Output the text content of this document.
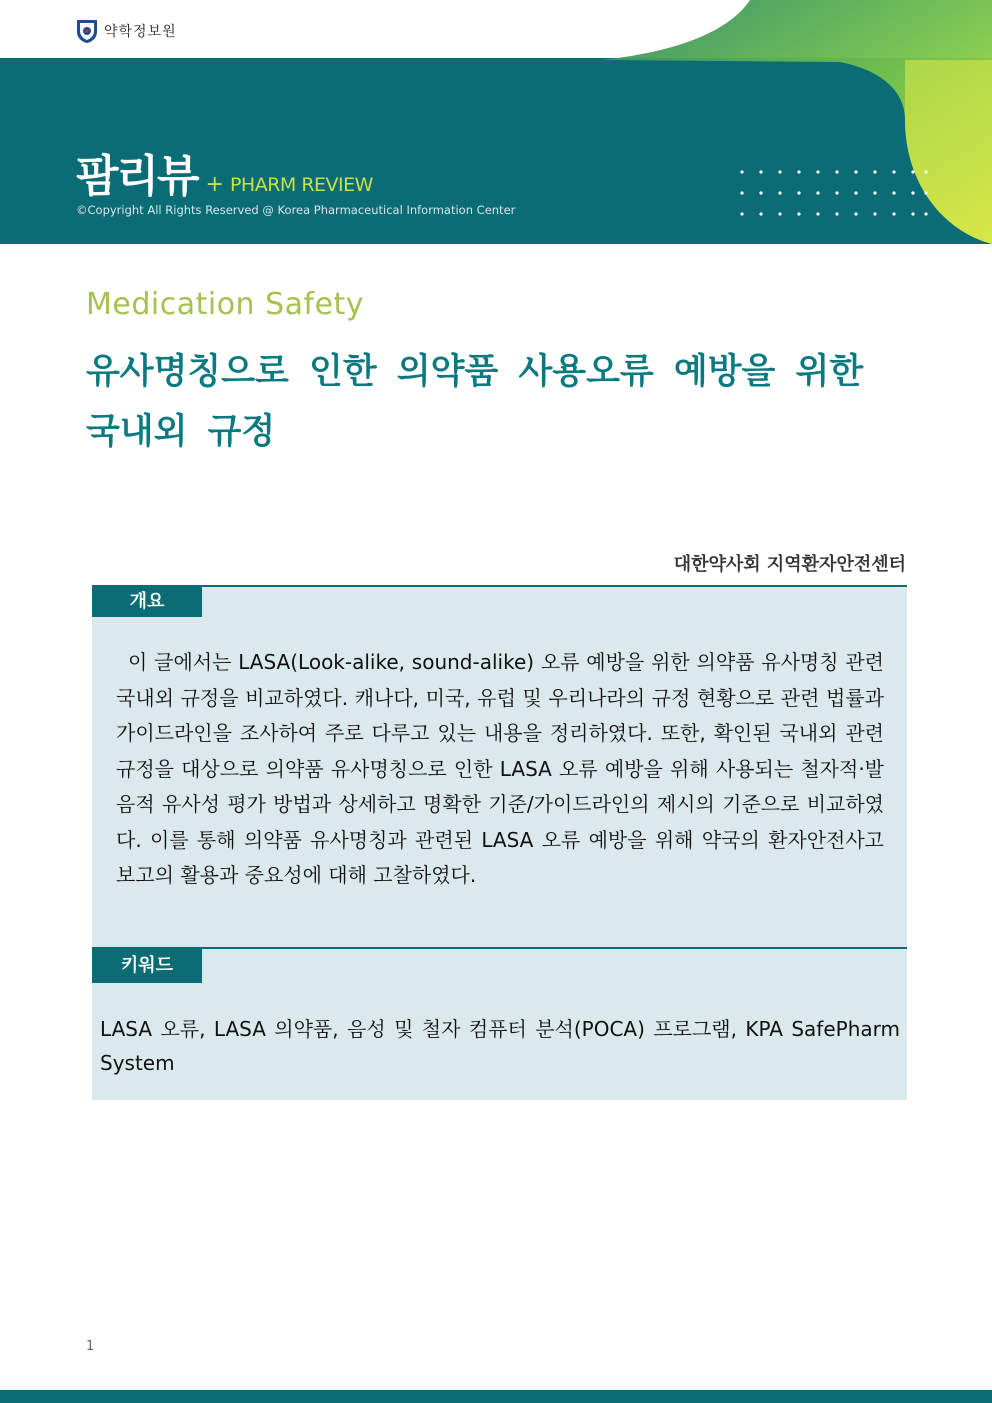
약학정보원
팜리뷰 + PHARM REVIEW
©Copyright All Rights Reserved @ Korea Pharmaceutical Information Center
Medication Safety
유사명칭으로 인한 의약품 사용오류 예방을 위한 국내외 규정
대한약사회 지역환자안전센터
개요
이 글에서는 LASA(Look-alike, sound-alike) 오류 예방을 위한 의약품 유사명칭 관련 국내외 규정을 비교하였다. 캐나다, 미국, 유럽 및 우리나라의 규정 현황으로 관련 법률과 가이드라인을 조사하여 주로 다루고 있는 내용을 정리하였다. 또한, 확인된 국내외 관련 규정을 대상으로 의약품 유사명칭으로 인한 LASA 오류 예방을 위해 사용되는 철자적·발음적 유사성 평가 방법과 상세하고 명확한 기준/가이드라인의 제시의 기준으로 비교하였다. 이를 통해 의약품 유사명칭과 관련된 LASA 오류 예방을 위해 약국의 환자안전사고 보고의 활용과 중요성에 대해 고찰하였다.
키워드
LASA 오류, LASA 의약품, 음성 및 철자 컴퓨터 분석(POCA) 프로그램, KPA SafePharm System
1
